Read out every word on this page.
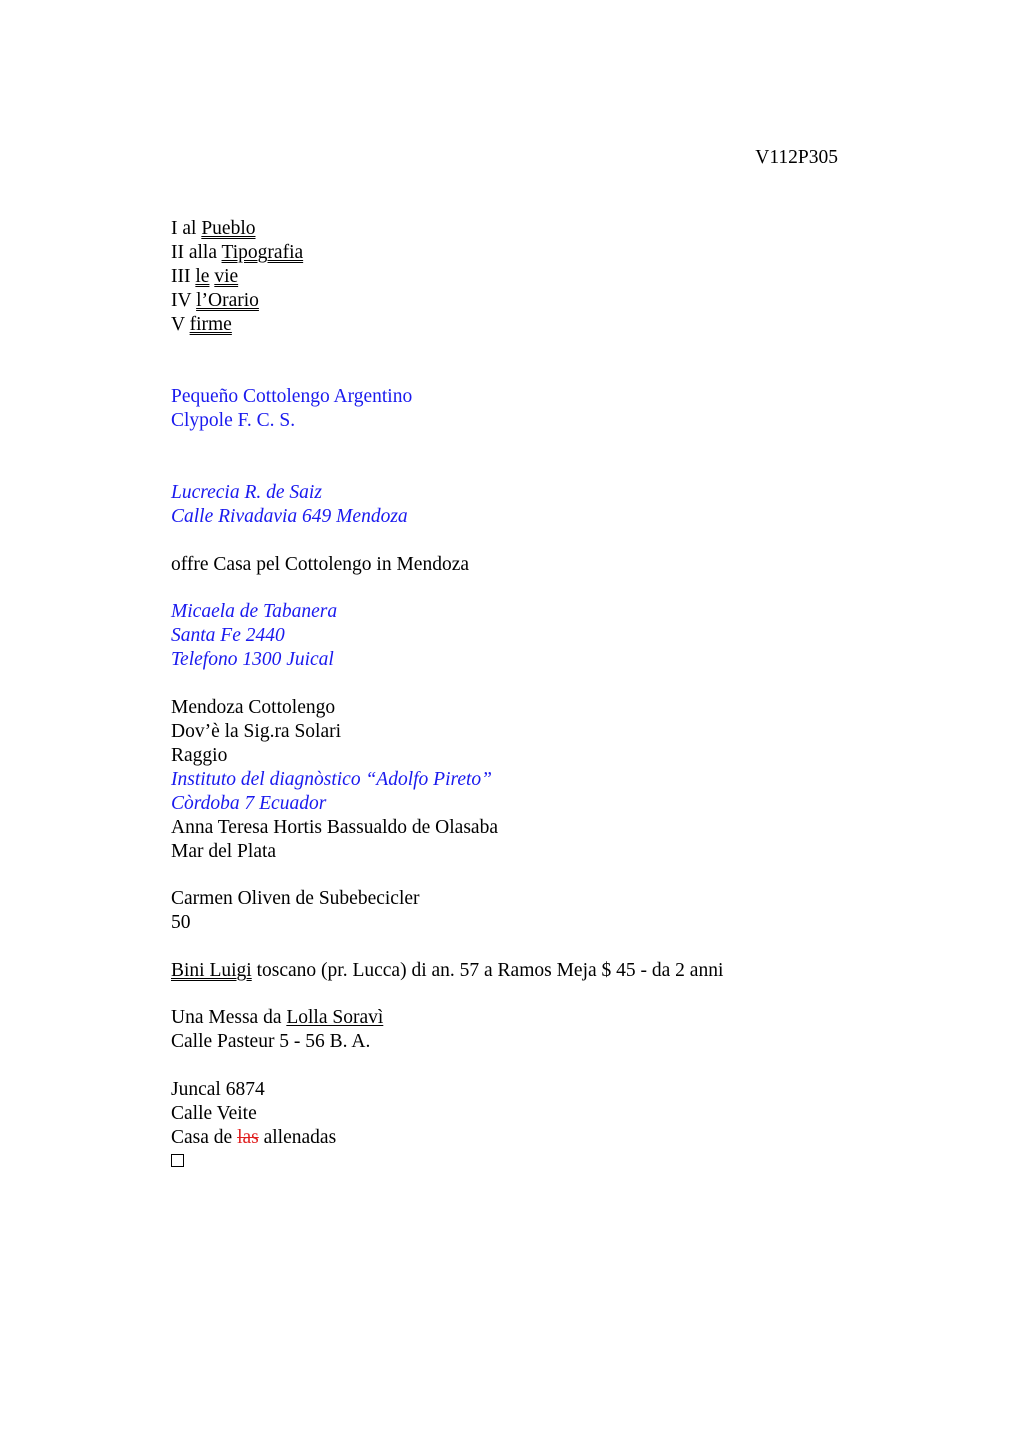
V112P305
I al Pueblo
II alla Tipografia
III le vie
IV l’Orario
V firme
Pequeño Cottolengo Argentino
Clypole F. C. S.
Lucrecia R. de Saiz
Calle Rivadavia 649 Mendoza
offre Casa pel Cottolengo in Mendoza
Micaela de Tabanera
Santa Fe 2440
Telefono 1300 Juical
Mendoza Cottolengo
Dov’è la Sig.ra Solari
Raggio
Instituto del diagnòstico “Adolfo Pireto”
Còrdoba 7 Ecuador
Anna Teresa Hortis Bassualdo de Olasaba
Mar del Plata
Carmen Oliven de Subebecicler
50
Bini Luigi toscano (pr. Lucca) di an. 57 a Ramos Meja $ 45 - da 2 anni
Una Messa da Lolla Soravì
Calle Pasteur 5 - 56 B. A.
Juncal 6874
Calle Veite
Casa de las allenadas
